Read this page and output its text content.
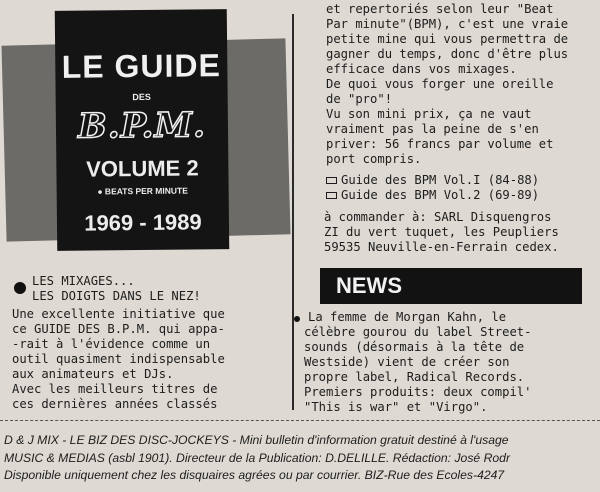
LE GUIDE
DES
B.P.M.
VOLUME 2
● BEATS PER MINUTE
1969 - 1989
LES MIXAGES...
LES DOIGTS DANS LE NEZ!
Une excellente initiative que
ce GUIDE DES B.P.M. qui appa-
-rait à l'évidence comme un
outil quasiment indispensable
aux animateurs et DJs.
Avec les meilleurs titres de
ces dernières années classés
et repertoriés selon leur "Beat
Par minute"(BPM), c'est une vraie
petite mine qui vous permettra de
gagner du temps, donc d'être plus
efficace dans vos mixages.
De quoi vous forger une oreille
de "pro"!
Vu son mini prix, ça ne vaut
vraiment pas la peine de s'en
priver: 56 francs par volume et
port compris.
Guide des BPM Vol.I (84-88)
Guide des BPM Vol.2 (69-89)
à commander à: SARL Disquengros
ZI du vert tuquet, les Peupliers
59535 Neuville-en-Ferrain cedex.
NEWS
La femme de Morgan Kahn, le
célèbre gourou du label Street-
sounds (désormais à la tête de
Westside) vient de créer son
propre label, Radical Records.
Premiers produits: deux compil'
"This is war" et "Virgo".
D & J MIX - LE BIZ DES DISC-JOCKEYS - Mini bulletin d'information gratuit destiné à l'usage
MUSIC & MEDIAS (asbl 1901). Directeur de la Publication: D.DELILLE. Rédaction: José Rodr
Disponible uniquement chez les disquaires agrées ou par courrier. BIZ-Rue des Ecoles-4247
